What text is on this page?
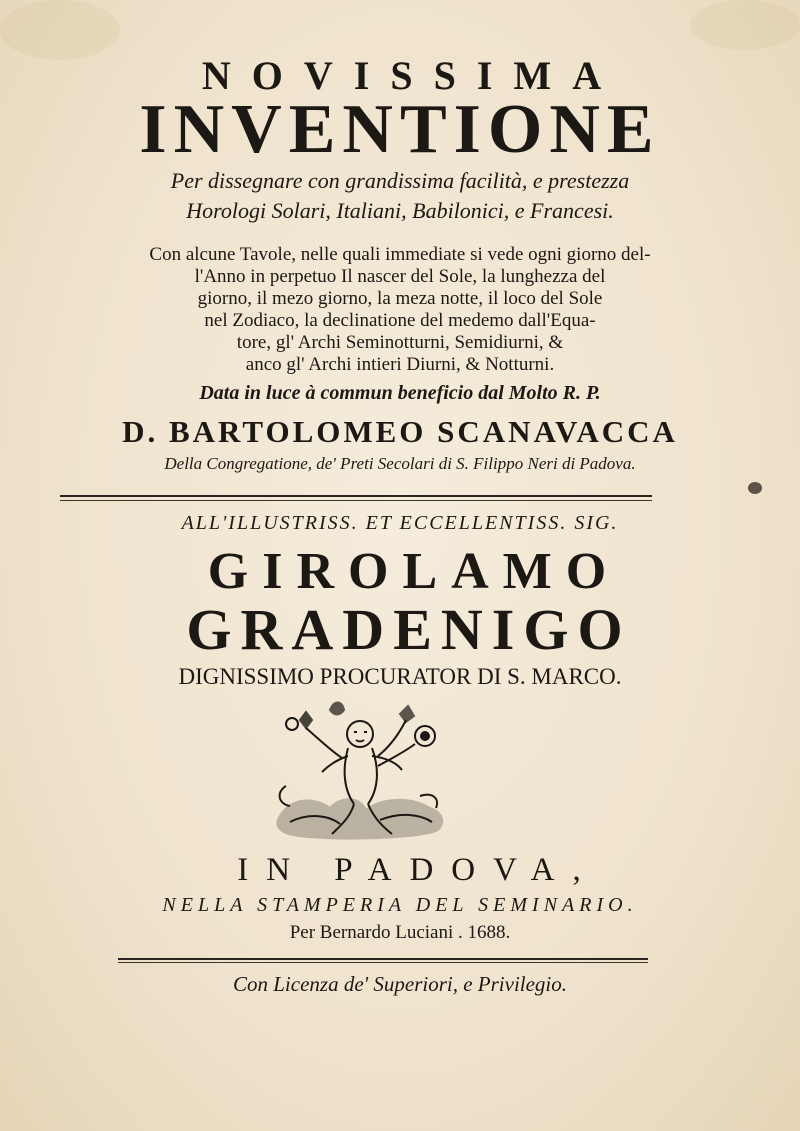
NOVISSIMA
INVENTIONE
Per dissegnare con grandissima facilità, e prestezza
Horologi Solari, Italiani, Babilonici, e Francesi.
Con alcune Tavole, nelle quali immediate si vede ogni giorno del-
l'Anno in perpetuo Il nascer del Sole, la lunghezza del
giorno, il mezo giorno, la meza notte, il loco del Sole
nel Zodiaco, la declinatione del medemo dall'Equa-
tore, gl' Archi Seminotturni, Semidiurni, &
anco gl' Archi intieri Diurni, & Notturni.
Data in luce à commun beneficio dal Molto R. P.
D. BARTOLOMEO SCANAVACCA
Della Congregatione, de' Preti Secolari di S. Filippo Neri di Padova.
ALL'ILLUSTRISS. ET ECCELLENTISS. SIG.
GIROLAMO
GRADENIGO
DIGNISSIMO PROCURATOR DI S. MARCO.
IN PADOVA,
NELLA STAMPERIA DEL SEMINARIO.
Per Bernardo Luciani . 1688.
Con Licenza de' Superiori, e Privilegio.
